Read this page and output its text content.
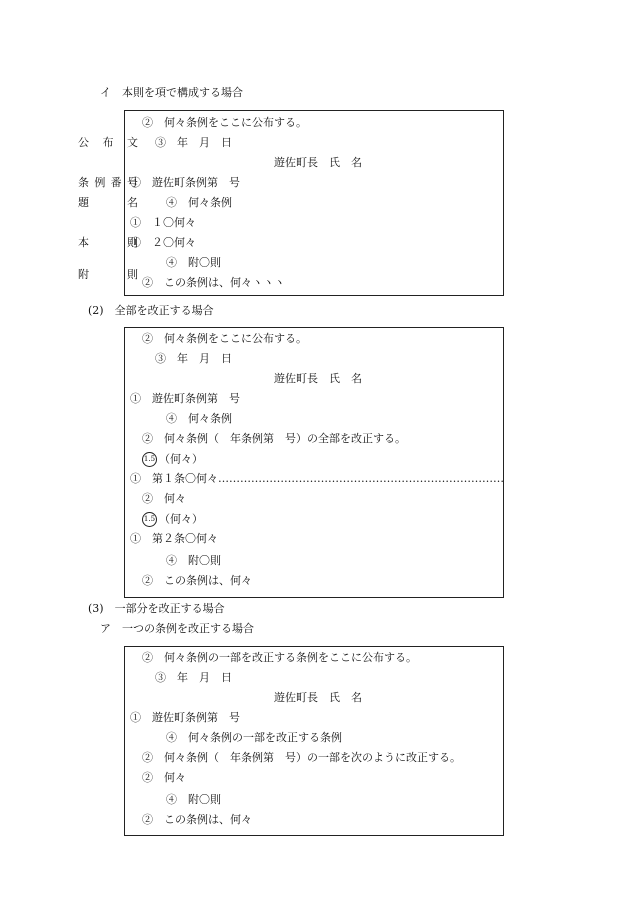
イ　本則を項で構成する場合
公布文
条例番号
題名
本則
附則
②　何々条例をここに公布する。
③　年　月　日
遊佐町長　氏　名
①　遊佐町条例第　号
④　何々条例
①　１〇何々
①　２〇何々
④　附〇則
②　この条例は、何々ヽヽヽ
(2)　全部を改正する場合
②　何々条例をここに公布する。
③　年　月　日
遊佐町長　氏　名
①　遊佐町条例第　号
④　何々条例
②　何々条例（　年条例第　号）の全部を改正する。
1.5 （何々）
①　第１条〇何々……………………………………………………………………
②　何々
1.5 （何々）
①　第２条〇何々
④　附〇則
②　この条例は、何々
(3)　一部分を改正する場合
ア　一つの条例を改正する場合
②　何々条例の一部を改正する条例をここに公布する。
③　年　月　日
遊佐町長　氏　名
①　遊佐町条例第　号
④　何々条例の一部を改正する条例
②　何々条例（　年条例第　号）の一部を次のように改正する。
②　何々
④　附〇則
②　この条例は、何々
